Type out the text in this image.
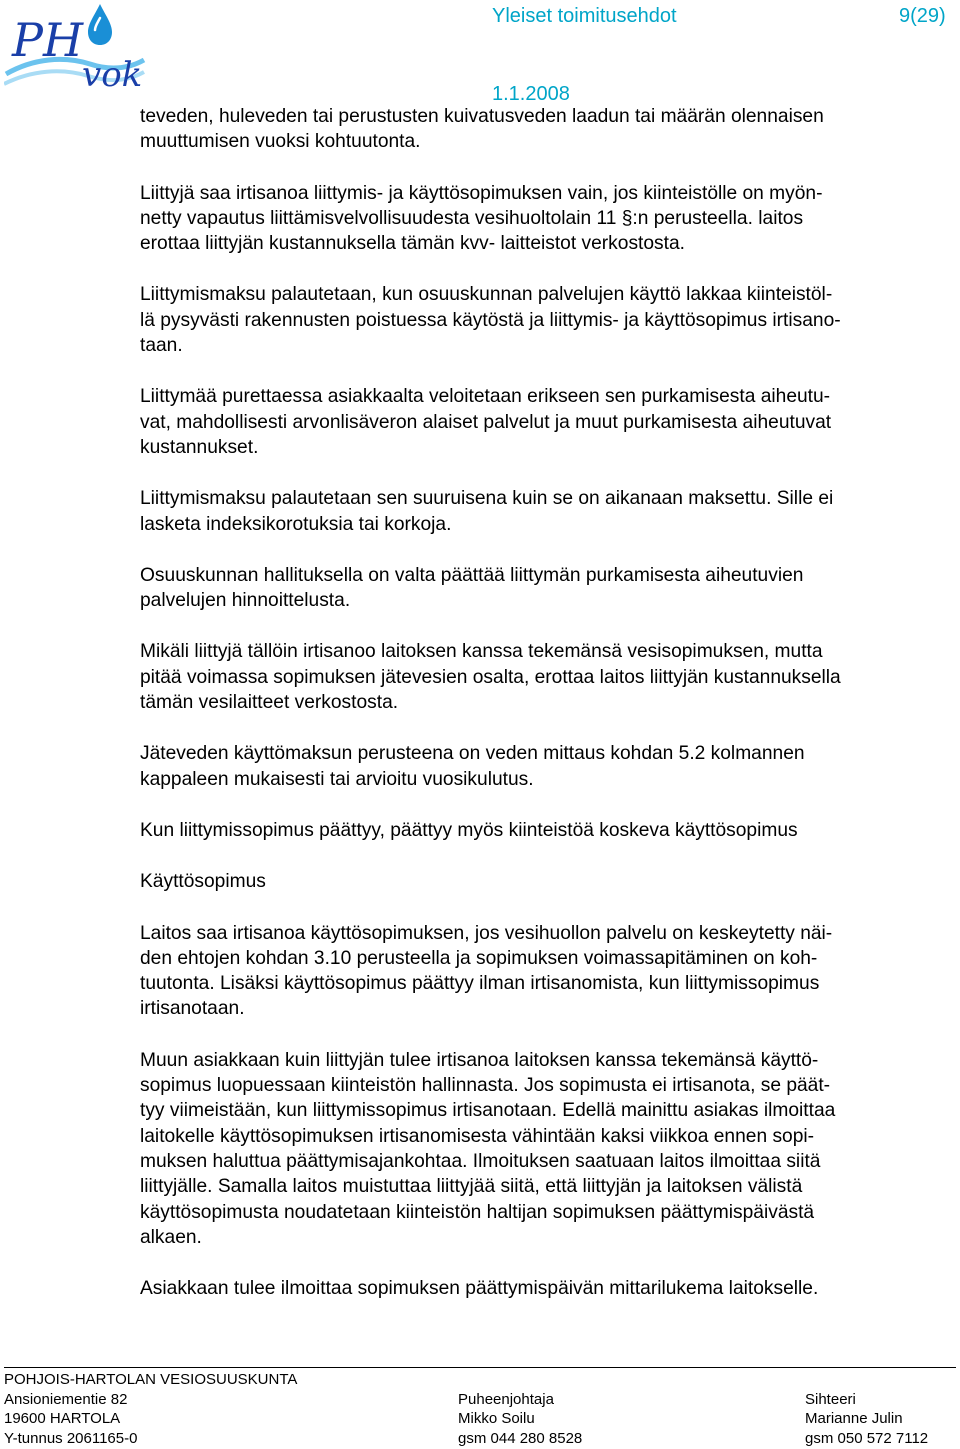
PH
vok
Yleiset toimitusehdot	9(29)
1.1.2008

teveden, huleveden tai perustusten kuivatusveden laadun tai määrän olennaisen
muuttumisen vuoksi kohtuutonta.

Liittyjä saa irtisanoa liittymis- ja käyttösopimuksen vain, jos kiinteistölle on myön-
netty vapautus liittämisvelvollisuudesta vesihuoltolain 11 §:n perusteella. laitos
erottaa liittyjän kustannuksella tämän kvv- laitteistot verkostosta.

Liittymismaksu palautetaan, kun osuuskunnan palvelujen käyttö lakkaa kiinteistöl-
lä pysyvästi rakennusten poistuessa käytöstä ja liittymis- ja käyttösopimus irtisano-
taan.

Liittymää purettaessa asiakkaalta veloitetaan erikseen sen purkamisesta aiheutu-
vat, mahdollisesti arvonlisäveron alaiset palvelut ja muut purkamisesta aiheutuvat
kustannukset.

Liittymismaksu palautetaan sen suuruisena kuin se on aikanaan maksettu. Sille ei
lasketa indeksikorotuksia tai korkoja.

Osuuskunnan hallituksella on valta päättää liittymän purkamisesta aiheutuvien
palvelujen hinnoittelusta.

Mikäli liittyjä tällöin irtisanoo laitoksen kanssa tekemänsä vesisopimuksen, mutta
pitää voimassa sopimuksen jätevesien osalta, erottaa laitos liittyjän kustannuksella
tämän vesilaitteet verkostosta.

Jäteveden käyttömaksun perusteena on veden mittaus kohdan 5.2 kolmannen
kappaleen mukaisesti tai arvioitu vuosikulutus.

Kun liittymissopimus päättyy, päättyy myös kiinteistöä koskeva käyttösopimus

Käyttösopimus

Laitos saa irtisanoa käyttösopimuksen, jos vesihuollon palvelu on keskeytetty näi-
den ehtojen kohdan 3.10 perusteella ja sopimuksen voimassapitäminen on koh-
tuutonta. Lisäksi käyttösopimus päättyy ilman irtisanomista, kun liittymissopimus
irtisanotaan.

Muun asiakkaan kuin liittyjän tulee irtisanoa laitoksen kanssa tekemänsä käyttö-
sopimus luopuessaan kiinteistön hallinnasta. Jos sopimusta ei irtisanota, se päät-
tyy viimeistään, kun liittymissopimus irtisanotaan. Edellä mainittu asiakas ilmoittaa
laitokelle käyttösopimuksen irtisanomisesta vähintään kaksi viikkoa ennen sopi-
muksen haluttua päättymisajankohtaa. Ilmoituksen saatuaan laitos ilmoittaa siitä
liittyjälle. Samalla laitos muistuttaa liittyjää siitä, että liittyjän ja laitoksen välistä
käyttösopimusta noudatetaan kiinteistön haltijan sopimuksen päättymispäivästä
alkaen.

Asiakkaan tulee ilmoittaa sopimuksen päättymispäivän mittarilukema laitokselle.

POHJOIS-HARTOLAN VESIOSUUSKUNTA
Ansioniementie 82
19600 HARTOLA
Y-tunnus 2061165-0
Puheenjohtaja
Mikko Soilu
gsm 044 280 8528
Sihteeri
Marianne Julin
gsm 050 572 7112
